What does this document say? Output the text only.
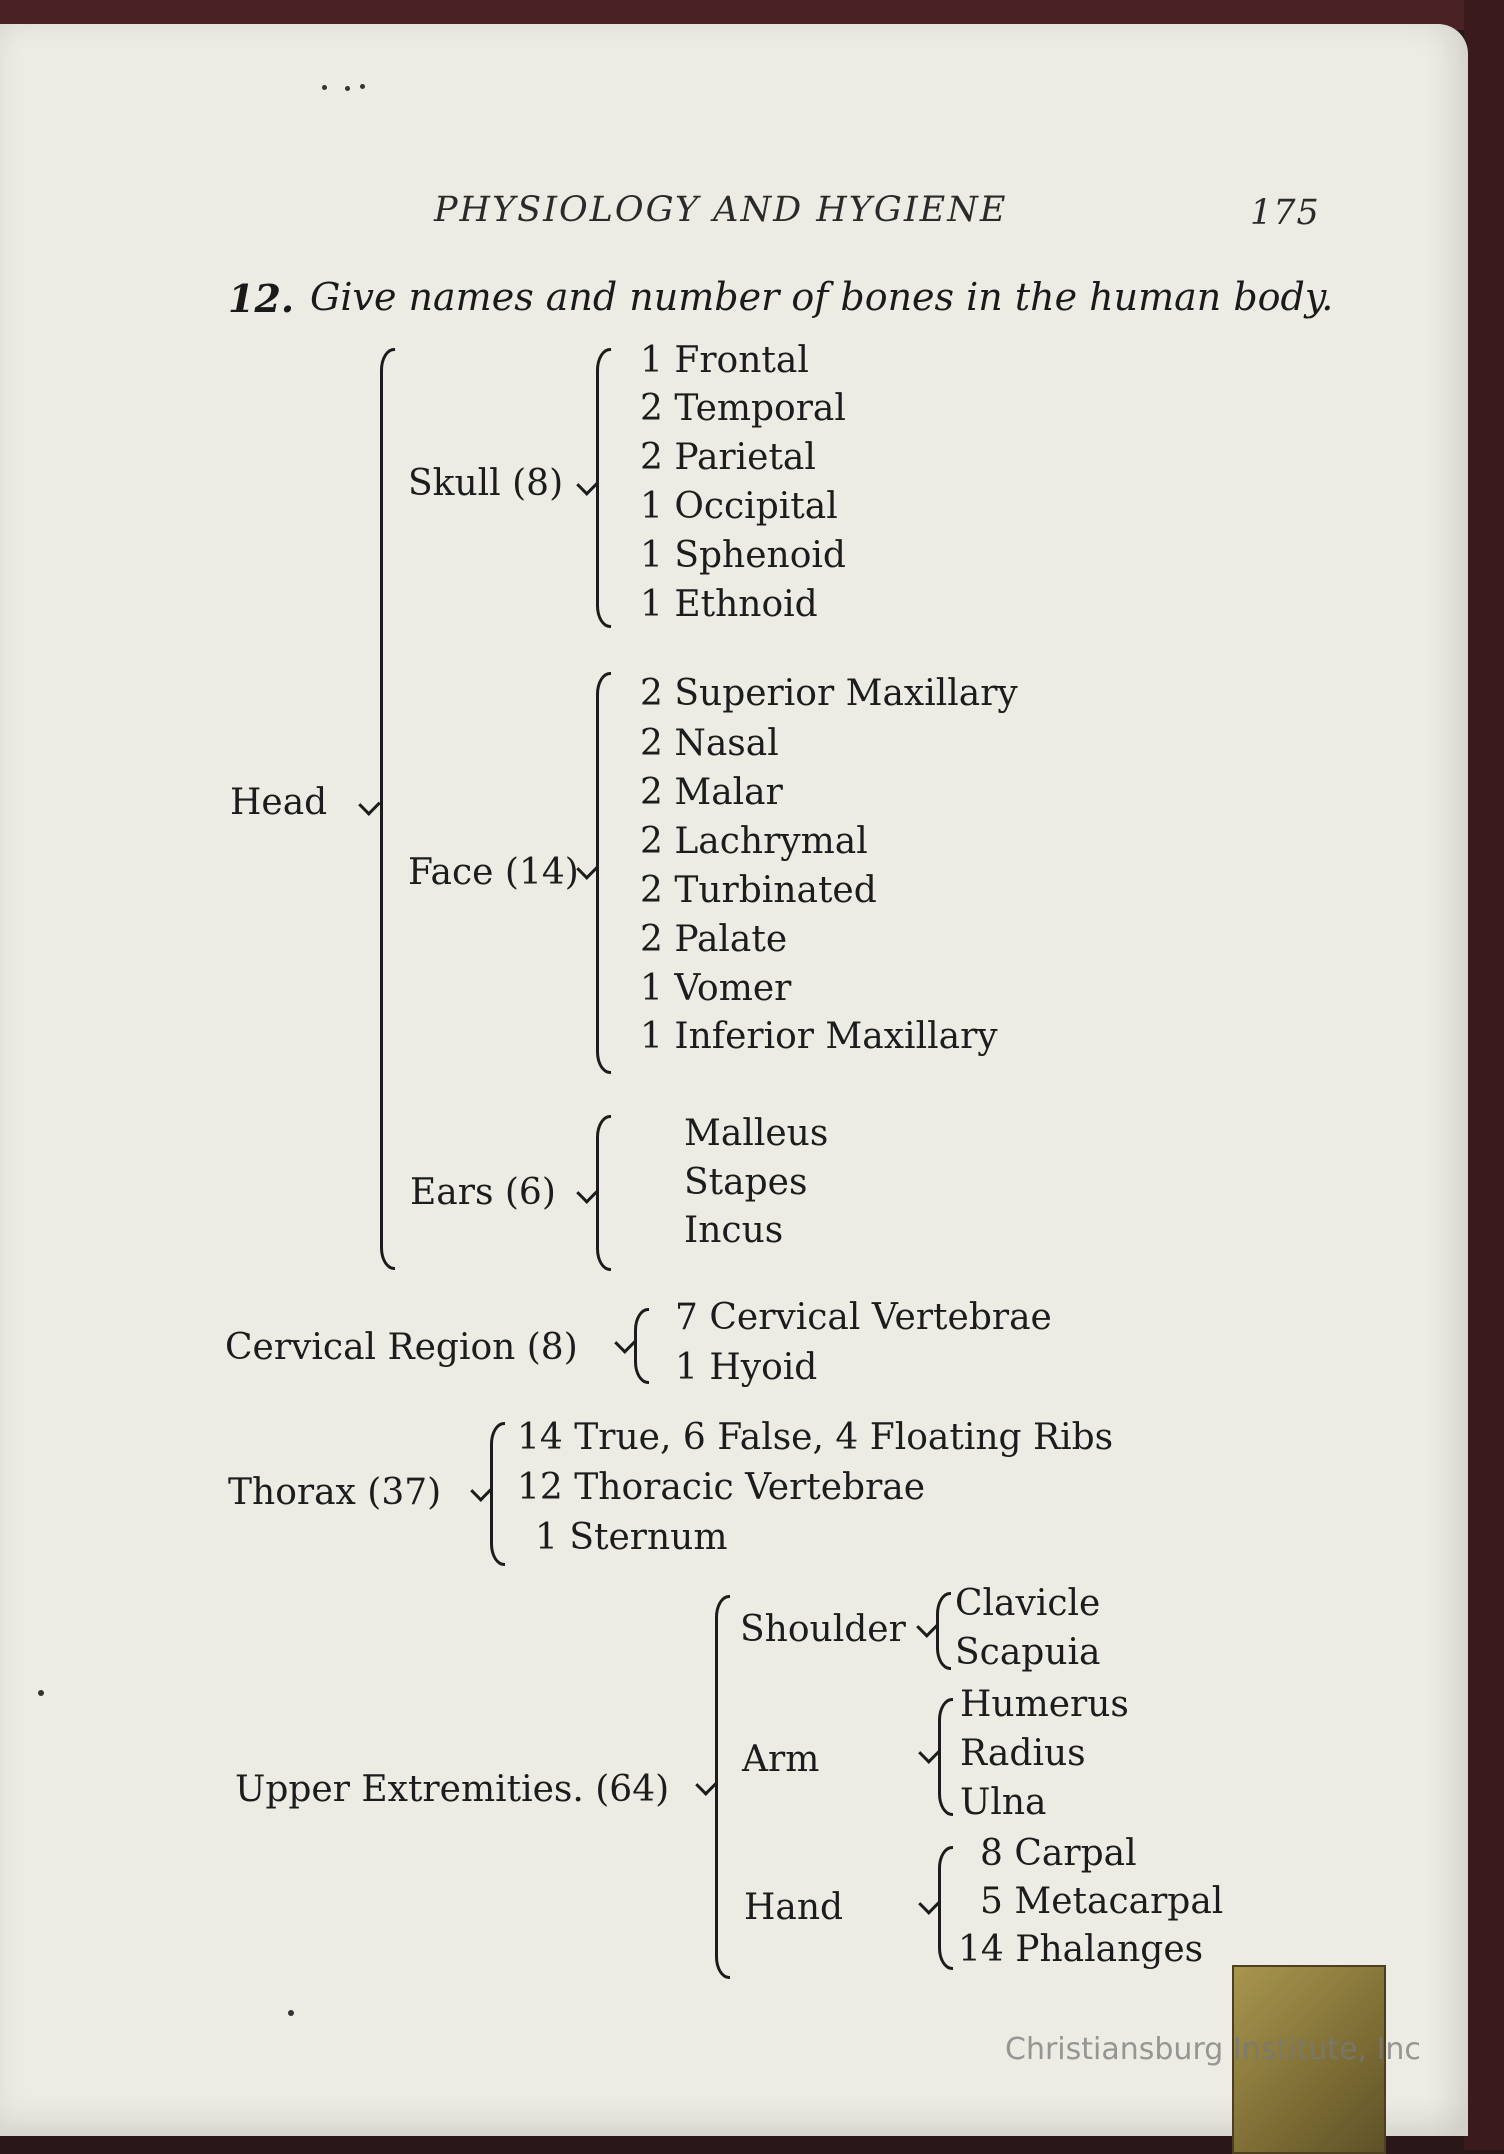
PHYSIOLOGY AND HYGIENE	175
12. Give names and number of bones in the human body.
Head
Skull (8)
1 Frontal
2 Temporal
2 Parietal
1 Occipital
1 Sphenoid
1 Ethnoid
Face (14)
2 Superior Maxillary
2 Nasal
2 Malar
2 Lachrymal
2 Turbinated
2 Palate
1 Vomer
1 Inferior Maxillary
Ears (6)
Malleus
Stapes
Incus
Cervical Region (8)
7 Cervical Vertebrae
1 Hyoid
Thorax (37)
14 True, 6 False, 4 Floating Ribs
12 Thoracic Vertebrae
1 Sternum
Upper Extremities. (64)
Shoulder
Clavicle
Scapuia
Arm
Humerus
Radius
Ulna
Hand
8 Carpal
5 Metacarpal
14 Phalanges
Christiansburg Institute, Inc
